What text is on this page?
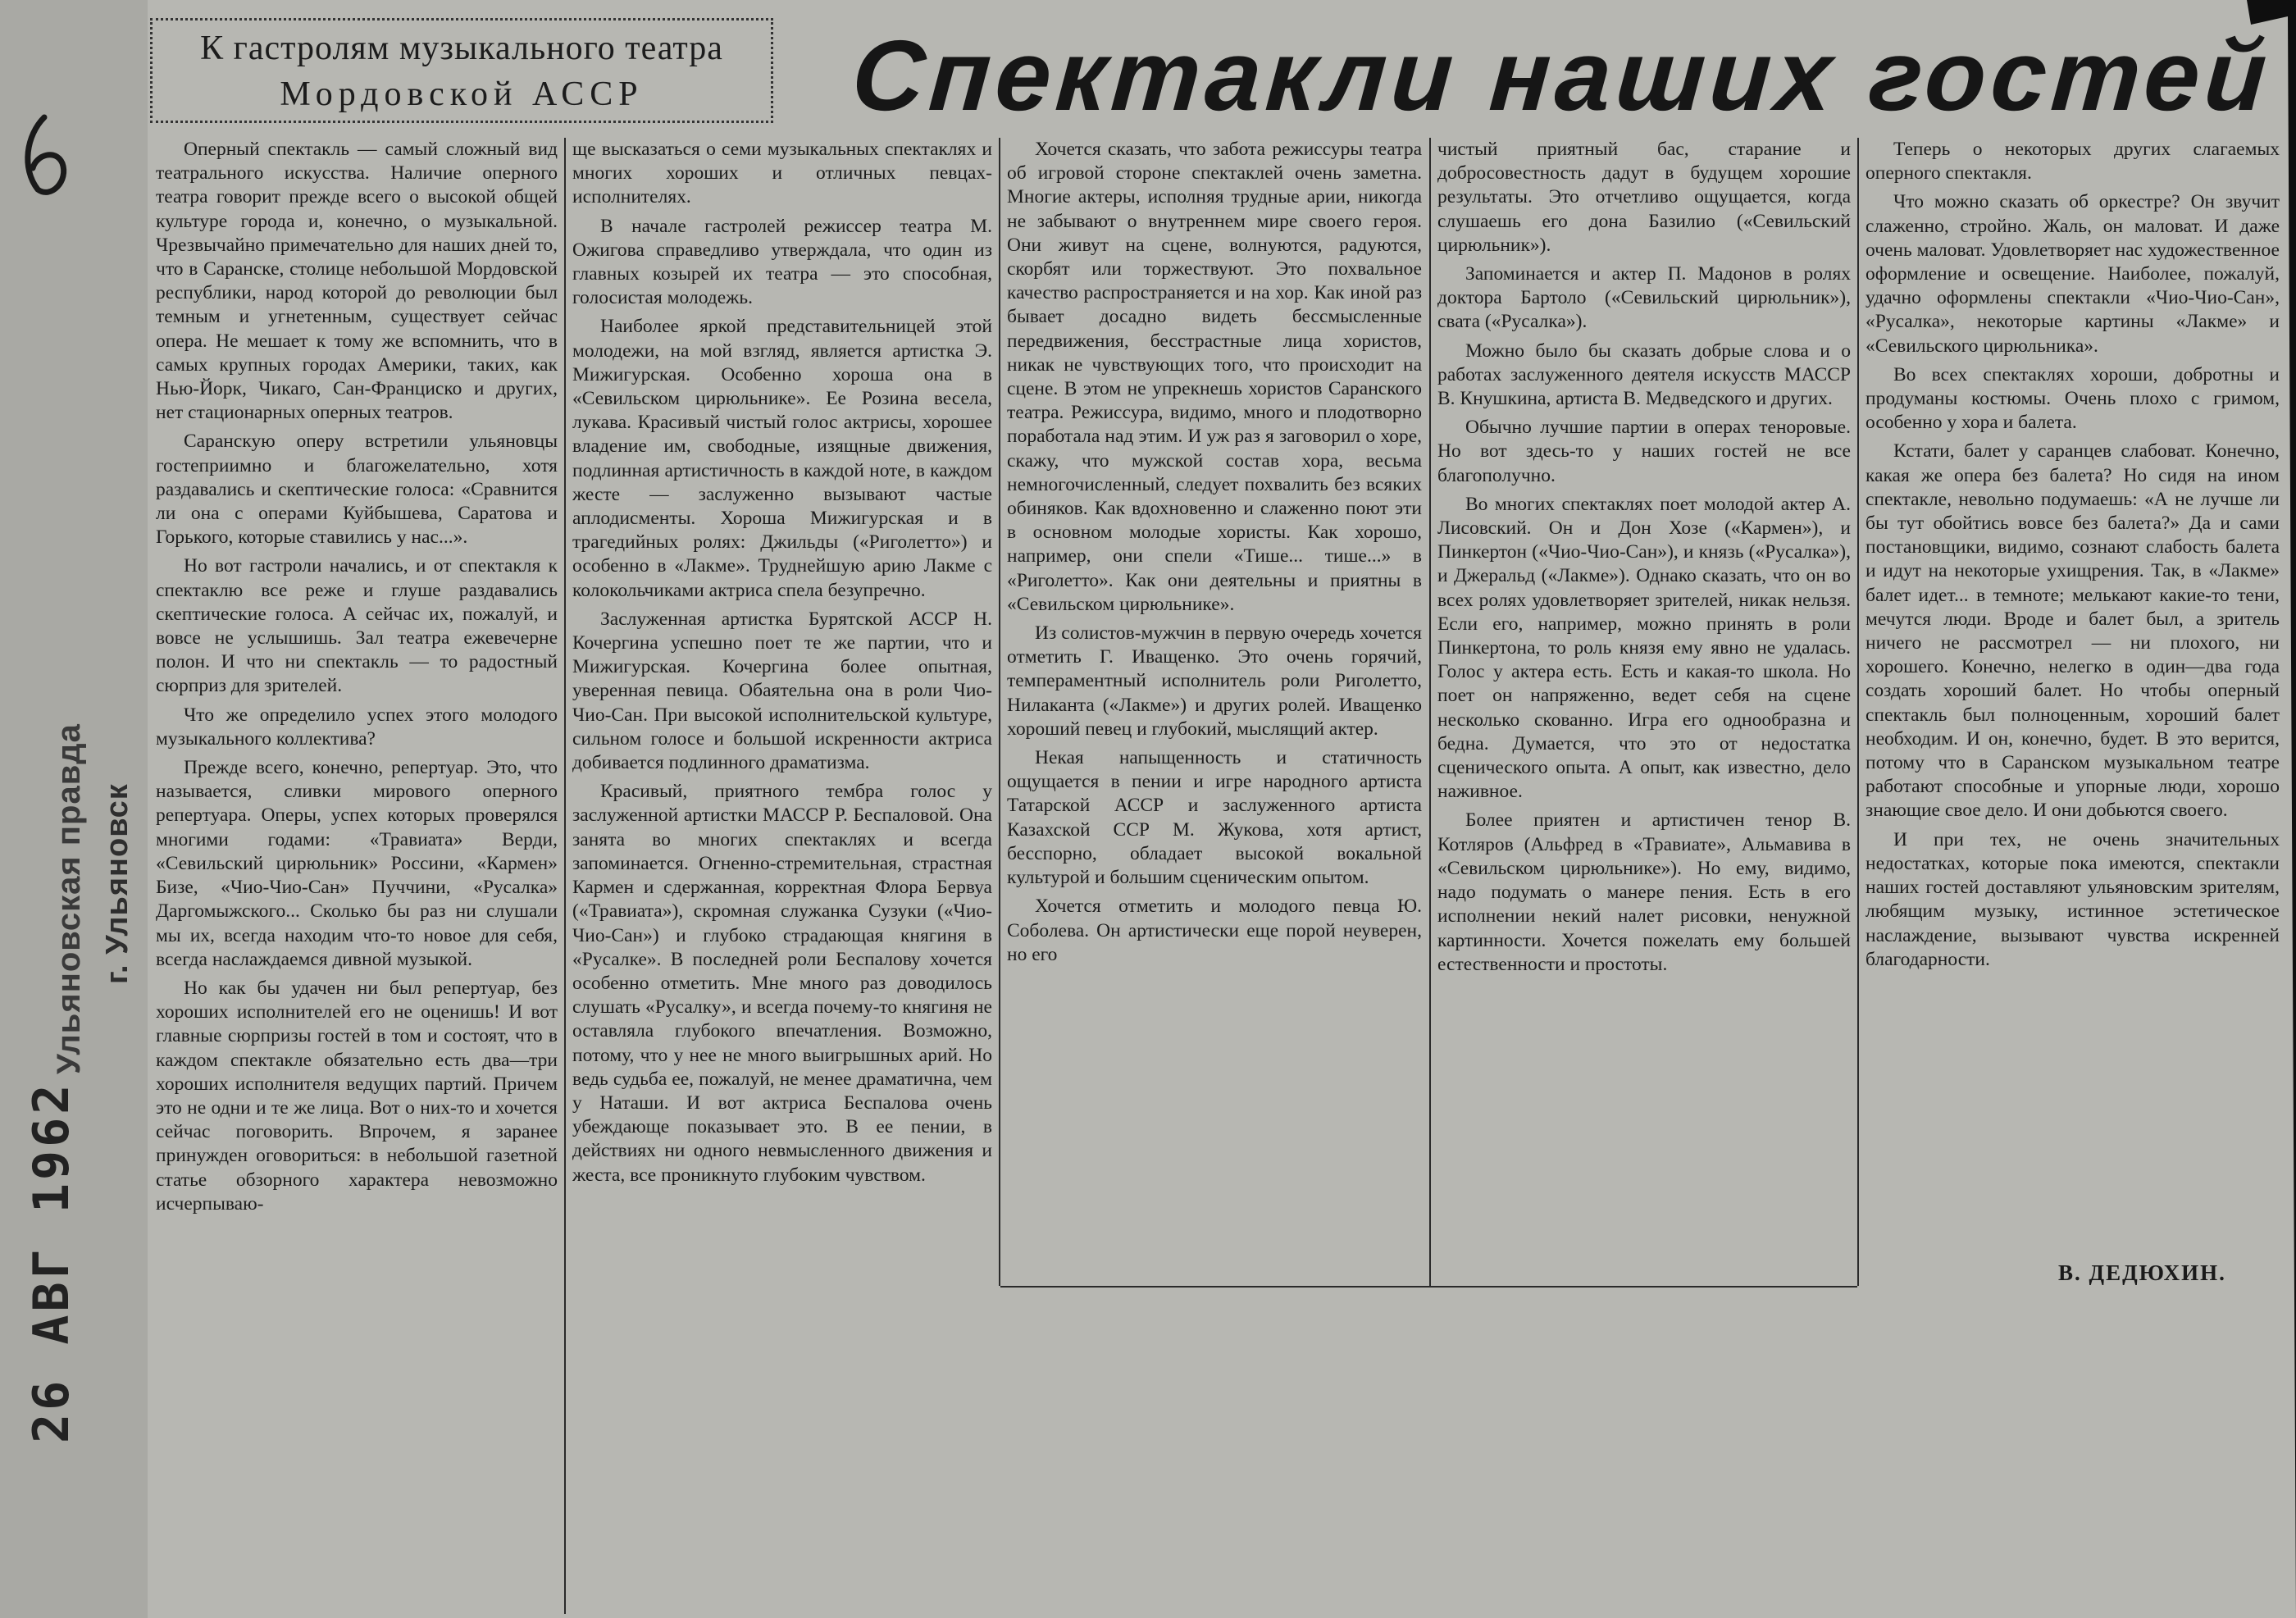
Ульяновская правда г. Ульяновск
26 АВГ 1962
К гастролям музыкального театра
Мордовской АССР	Спектакли наших гостей

Оперный спектакль — самый сложный вид театрального искусства. Наличие оперного театра говорит прежде всего о высокой общей культуре города и, конечно, о музыкальной. Чрезвычайно примечательно для наших дней то, что в Саранске, столице небольшой Мордовской республики, народ которой до революции был темным и угнетенным, существует сейчас опера. Не мешает к тому же вспомнить, что в самых крупных городах Америки, таких, как Нью-Йорк, Чикаго, Сан-Франциско и других, нет стационарных оперных театров.

Саранскую оперу встретили ульяновцы гостеприимно и благожелательно, хотя раздавались и скептические голоса: «Сравнится ли она с операми Куйбышева, Саратова и Горького, которые ставились у нас...».

Но вот гастроли начались, и от спектакля к спектаклю все реже и глуше раздавались скептические голоса. А сейчас их, пожалуй, и вовсе не услышишь. Зал театра ежевечерне полон. И что ни спектакль — то радостный сюрприз для зрителей.

Что же определило успех этого молодого музыкального коллектива?

Прежде всего, конечно, репертуар. Это, что называется, сливки мирового оперного репертуара. Оперы, успех которых проверялся многими годами: «Травиата» Верди, «Севильский цирюльник» Россини, «Кармен» Бизе, «Чио-Чио-Сан» Пуччини, «Русалка» Даргомыжского... Сколько бы раз ни слушали мы их, всегда находим что-то новое для себя, всегда наслаждаемся дивной музыкой.

Но как бы удачен ни был репертуар, без хороших исполнителей его не оценишь! И вот главные сюрпризы гостей в том и состоят, что в каждом спектакле обязательно есть два—три хороших исполнителя ведущих партий. Причем это не одни и те же лица. Вот о них-то и хочется сейчас поговорить. Впрочем, я заранее принужден оговориться: в небольшой газетной статье обзорного характера невозможно исчерпываю-

ще высказаться о семи музыкальных спектаклях и многих хороших и отличных певцах-исполнителях.

В начале гастролей режиссер театра М. Ожигова справедливо утверждала, что один из главных козырей их театра — это способная, голосистая молодежь.

Наиболее яркой представительницей этой молодежи, на мой взгляд, является артистка Э. Мижигурская. Особенно хороша она в «Севильском цирюльнике». Ее Розина весела, лукава. Красивый чистый голос актрисы, хорошее владение им, свободные, изящные движения, подлинная артистичность в каждой ноте, в каждом жесте — заслуженно вызывают частые аплодисменты. Хороша Мижигурская и в трагедийных ролях: Джильды («Риголетто») и особенно в «Лакме». Труднейшую арию Лакме с колокольчиками актриса спела безупречно.

Заслуженная артистка Бурятской АССР Н. Кочергина успешно поет те же партии, что и Мижигурская. Кочергина более опытная, уверенная певица. Обаятельна она в роли Чио-Чио-Сан. При высокой исполнительской культуре, сильном голосе и большой искренности актриса добивается подлинного драматизма.

Красивый, приятного тембра голос у заслуженной артистки МАССР Р. Беспаловой. Она занята во многих спектаклях и всегда запоминается. Огненно-стремительная, страстная Кармен и сдержанная, корректная Флора Бервуа («Травиата»), скромная служанка Сузуки («Чио-Чио-Сан») и глубоко страдающая княгиня в «Русалке». В последней роли Беспалову хочется особенно отметить. Мне много раз доводилось слушать «Русалку», и всегда почему-то княгиня не оставляла глубокого впечатления. Возможно, потому, что у нее не много выигрышных арий. Но ведь судьба ее, пожалуй, не менее драматична, чем у Наташи. И вот актриса Беспалова очень убеждающе показывает это. В ее пении, в действиях ни одного невмысленного движения и жеста, все проникнуто глубоким чувством.

Хочется сказать, что забота режиссуры театра об игровой стороне спектаклей очень заметна. Многие актеры, исполняя трудные арии, никогда не забывают о внутреннем мире своего героя. Они живут на сцене, волнуются, радуются, скорбят или торжествуют. Это похвальное качество распространяется и на хор. Как иной раз бывает досадно видеть бессмысленные передвижения, бесстрастные лица хористов, никак не чувствующих того, что происходит на сцене. В этом не упрекнешь хористов Саранского театра. Режиссура, видимо, много и плодотворно поработала над этим. И уж раз я заговорил о хоре, скажу, что мужской состав хора, весьма немногочисленный, следует похвалить без всяких обиняков. Как вдохновенно и слаженно поют эти в основном молодые хористы. Как хорошо, например, они спели «Тише... тише...» в «Риголетто». Как они деятельны и приятны в «Севильском цирюльнике».

Из солистов-мужчин в первую очередь хочется отметить Г. Иващенко. Это очень горячий, темпераментный исполнитель роли Риголетто, Нилаканта («Лакме») и других ролей. Иващенко хороший певец и глубокий, мыслящий актер.

Некая напыщенность и статичность ощущается в пении и игре народного артиста Татарской АССР и заслуженного артиста Казахской ССР М. Жукова, хотя артист, бесспорно, обладает высокой вокальной культурой и большим сценическим опытом.

Хочется отметить и молодого певца Ю. Соболева. Он артистически еще порой неуверен, но его

чистый приятный бас, старание и добросовестность дадут в будущем хорошие результаты. Это отчетливо ощущается, когда слушаешь его дона Базилио («Севильский цирюльник»).

Запоминается и актер П. Мадонов в ролях доктора Бартоло («Севильский цирюльник»), свата («Русалка»).

Можно было бы сказать добрые слова и о работах заслуженного деятеля искусств МАССР В. Кнушкина, артиста В. Медведского и других.

Обычно лучшие партии в операх теноровые. Но вот здесь-то у наших гостей не все благополучно.

Во многих спектаклях поет молодой актер А. Лисовский. Он и Дон Хозе («Кармен»), и Пинкертон («Чио-Чио-Сан»), и князь («Русалка»), и Джеральд («Лакме»). Однако сказать, что он во всех ролях удовлетворяет зрителей, никак нельзя. Если его, например, можно принять в роли Пинкертона, то роль князя ему явно не удалась. Голос у актера есть. Есть и какая-то школа. Но поет он напряженно, ведет себя на сцене несколько скованно. Игра его однообразна и бедна. Думается, что это от недостатка сценического опыта. А опыт, как известно, дело наживное.

Более приятен и артистичен тенор В. Котляров (Альфред в «Травиате», Альмавива в «Севильском цирюльнике»). Но ему, видимо, надо подумать о манере пения. Есть в его исполнении некий налет рисовки, ненужной картинности. Хочется пожелать ему большей естественности и простоты.

Теперь о некоторых других слагаемых оперного спектакля.

Что можно сказать об оркестре? Он звучит слаженно, стройно. Жаль, он маловат. И даже очень маловат. Удовлетворяет нас художественное оформление и освещение. Наиболее, пожалуй, удачно оформлены спектакли «Чио-Чио-Сан», «Русалка», некоторые картины «Лакме» и «Севильского цирюльника».

Во всех спектаклях хороши, добротны и продуманы костюмы. Очень плохо с гримом, особенно у хора и балета.

Кстати, балет у саранцев слабоват. Конечно, какая же опера без балета? Но сидя на ином спектакле, невольно подумаешь: «А не лучше ли бы тут обойтись вовсе без балета?» Да и сами постановщики, видимо, сознают слабость балета и идут на некоторые ухищрения. Так, в «Лакме» балет идет... в темноте; мелькают какие-то тени, мечутся люди. Вроде и балет был, а зритель ничего не рассмотрел — ни плохого, ни хорошего. Конечно, нелегко в один—два года создать хороший балет. Но чтобы оперный спектакль был полноценным, хороший балет необходим. И он, конечно, будет. В это верится, потому что в Саранском музыкальном театре работают способные и упорные люди, хорошо знающие свое дело. И они добьются своего.

И при тех, не очень значительных недостатках, которые пока имеются, спектакли наших гостей доставляют ульяновским зрителям, любящим музыку, истинное эстетическое наслаждение, вызывают чувства искренней благодарности.

В. ДЕДЮХИН.
